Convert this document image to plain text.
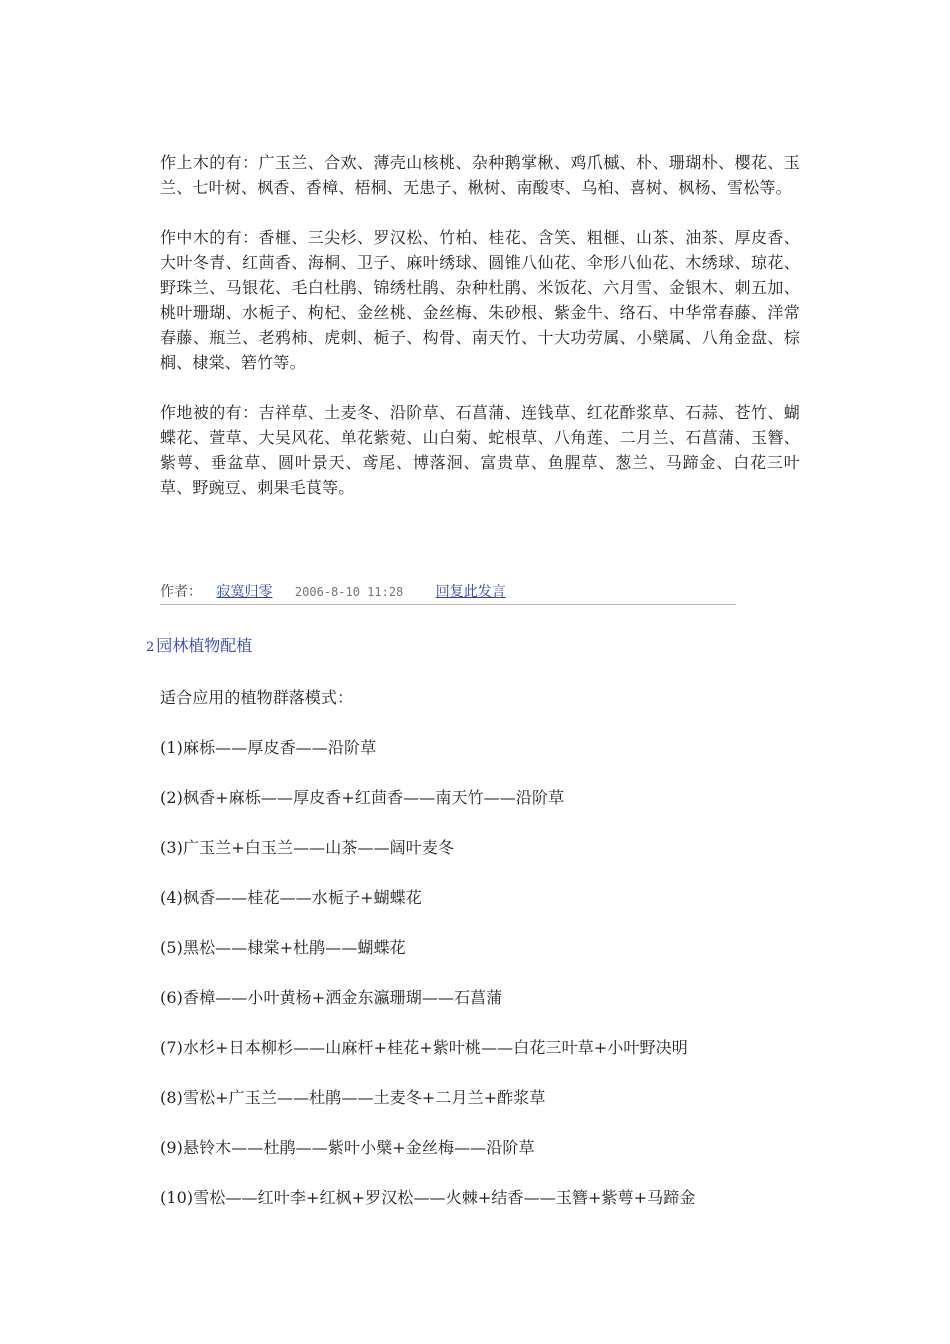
作上木的有：广玉兰、合欢、薄壳山核桃、杂种鹅掌楸、鸡爪槭、朴、珊瑚朴、樱花、玉兰、七叶树、枫香、香樟、梧桐、无患子、楸树、南酸枣、乌桕、喜树、枫杨、雪松等。

作中木的有：香榧、三尖杉、罗汉松、竹柏、桂花、含笑、粗榧、山茶、油茶、厚皮香、大叶冬青、红茴香、海桐、卫子、麻叶绣球、圆锥八仙花、伞形八仙花、木绣球、琼花、野珠兰、马银花、毛白杜鹃、锦绣杜鹃、杂种杜鹃、米饭花、六月雪、金银木、刺五加、桃叶珊瑚、水栀子、枸杞、金丝桃、金丝梅、朱砂根、紫金牛、络石、中华常春藤、洋常春藤、瓶兰、老鸦柿、虎刺、栀子、构骨、南天竹、十大功劳属、小檗属、八角金盘、棕榈、棣棠、箬竹等。

作地被的有：吉祥草、土麦冬、沿阶草、石菖蒲、连钱草、红花酢浆草、石蒜、苍竹、蝴蝶花、萱草、大吴风花、单花紫菀、山白菊、蛇根草、八角莲、二月兰、石菖蒲、玉簪、紫萼、垂盆草、圆叶景天、鸢尾、博落洄、富贵草、鱼腥草、葱兰、马蹄金、白花三叶草、野豌豆、刺果毛茛等。

作者： 寂寞归零 2006-8-10 11:28 回复此发言
2 园林植物配植
适合应用的植物群落模式：
(1)麻栎——厚皮香——沿阶草
(2)枫香+麻栎——厚皮香+红茴香——南天竹——沿阶草
(3)广玉兰+白玉兰——山茶——阔叶麦冬
(4)枫香——桂花——水栀子+蝴蝶花
(5)黑松——棣棠+杜鹃——蝴蝶花
(6)香樟——小叶黄杨+洒金东瀛珊瑚——石菖蒲
(7)水杉+日本柳杉——山麻杆+桂花+紫叶桃——白花三叶草+小叶野决明
(8)雪松+广玉兰——杜鹃——土麦冬+二月兰+酢浆草
(9)悬铃木——杜鹃——紫叶小檗+金丝梅——沿阶草
(10)雪松——红叶李+红枫+罗汉松——火棘+结香——玉簪+紫萼+马蹄金
